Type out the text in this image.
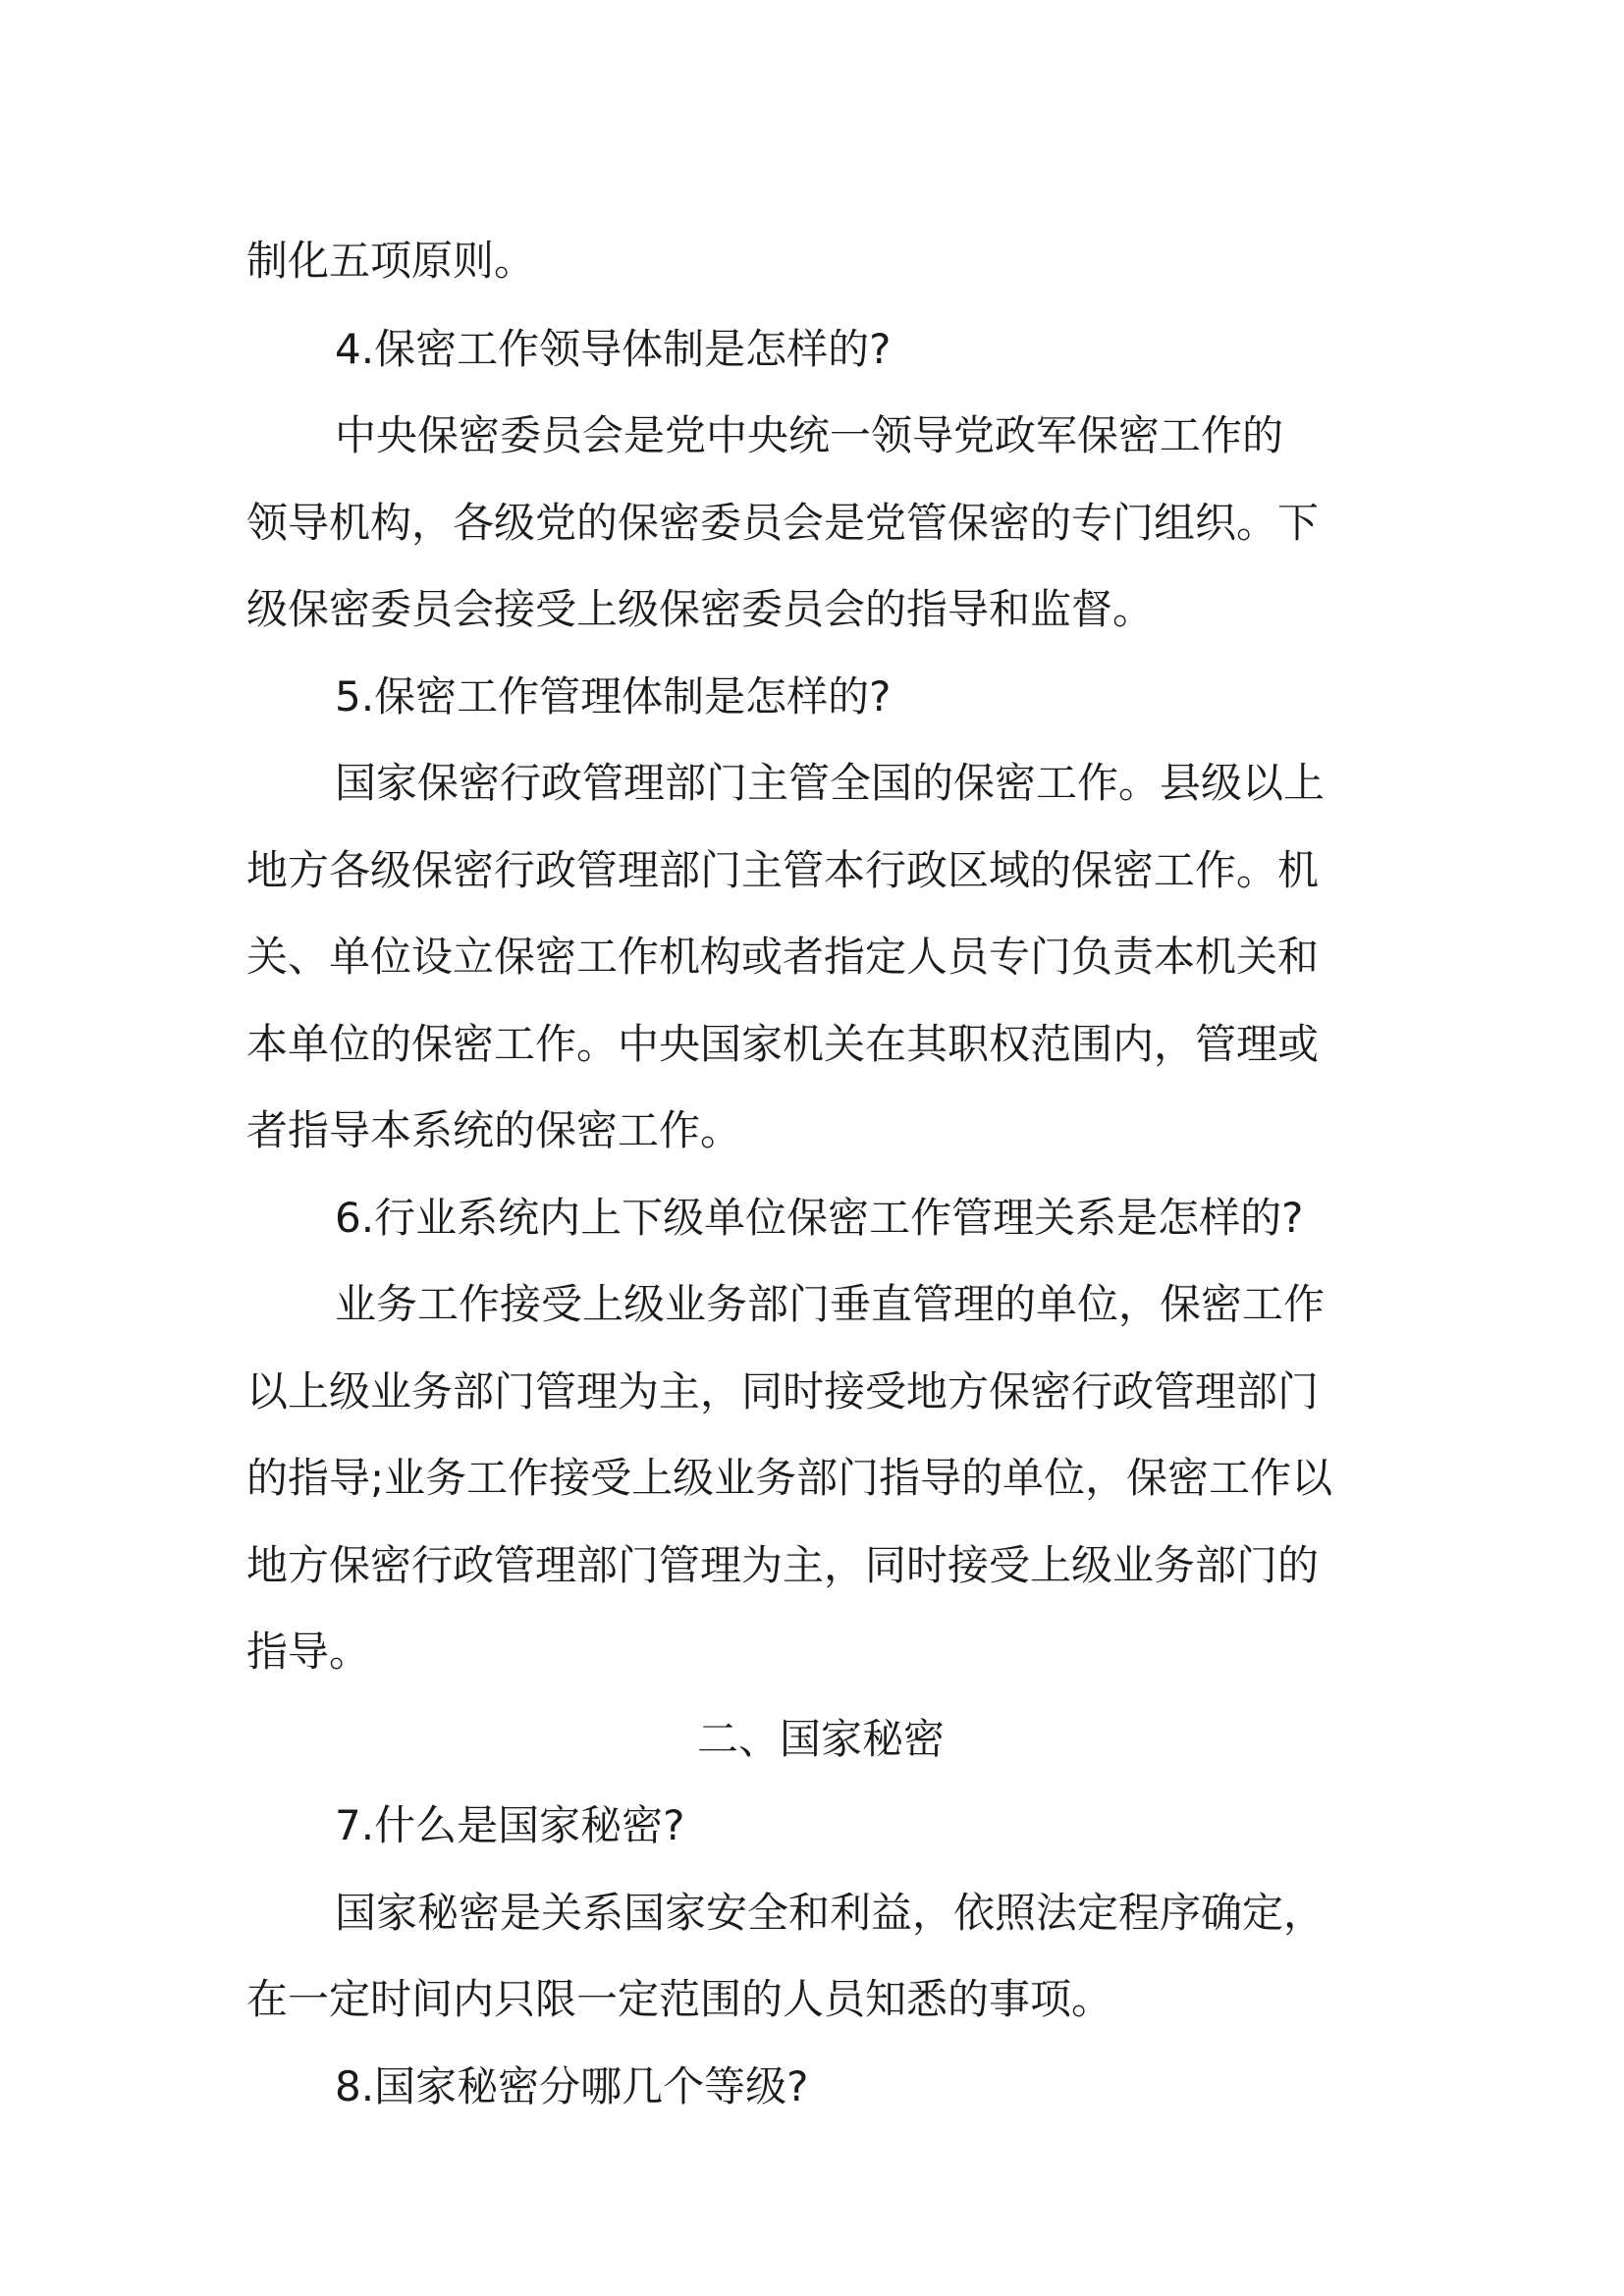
制化五项原则。
4.保密工作领导体制是怎样的?
中央保密委员会是党中央统一领导党政军保密工作的
领导机构，各级党的保密委员会是党管保密的专门组织。下
级保密委员会接受上级保密委员会的指导和监督。
5.保密工作管理体制是怎样的?
国家保密行政管理部门主管全国的保密工作。县级以上
地方各级保密行政管理部门主管本行政区域的保密工作。机
关、单位设立保密工作机构或者指定人员专门负责本机关和
本单位的保密工作。中央国家机关在其职权范围内，管理或
者指导本系统的保密工作。
6.行业系统内上下级单位保密工作管理关系是怎样的?
业务工作接受上级业务部门垂直管理的单位，保密工作
以上级业务部门管理为主，同时接受地方保密行政管理部门
的指导;业务工作接受上级业务部门指导的单位，保密工作以
地方保密行政管理部门管理为主，同时接受上级业务部门的
指导。
二、国家秘密
7.什么是国家秘密?
国家秘密是关系国家安全和利益，依照法定程序确定，
在一定时间内只限一定范围的人员知悉的事项。
8.国家秘密分哪几个等级?
